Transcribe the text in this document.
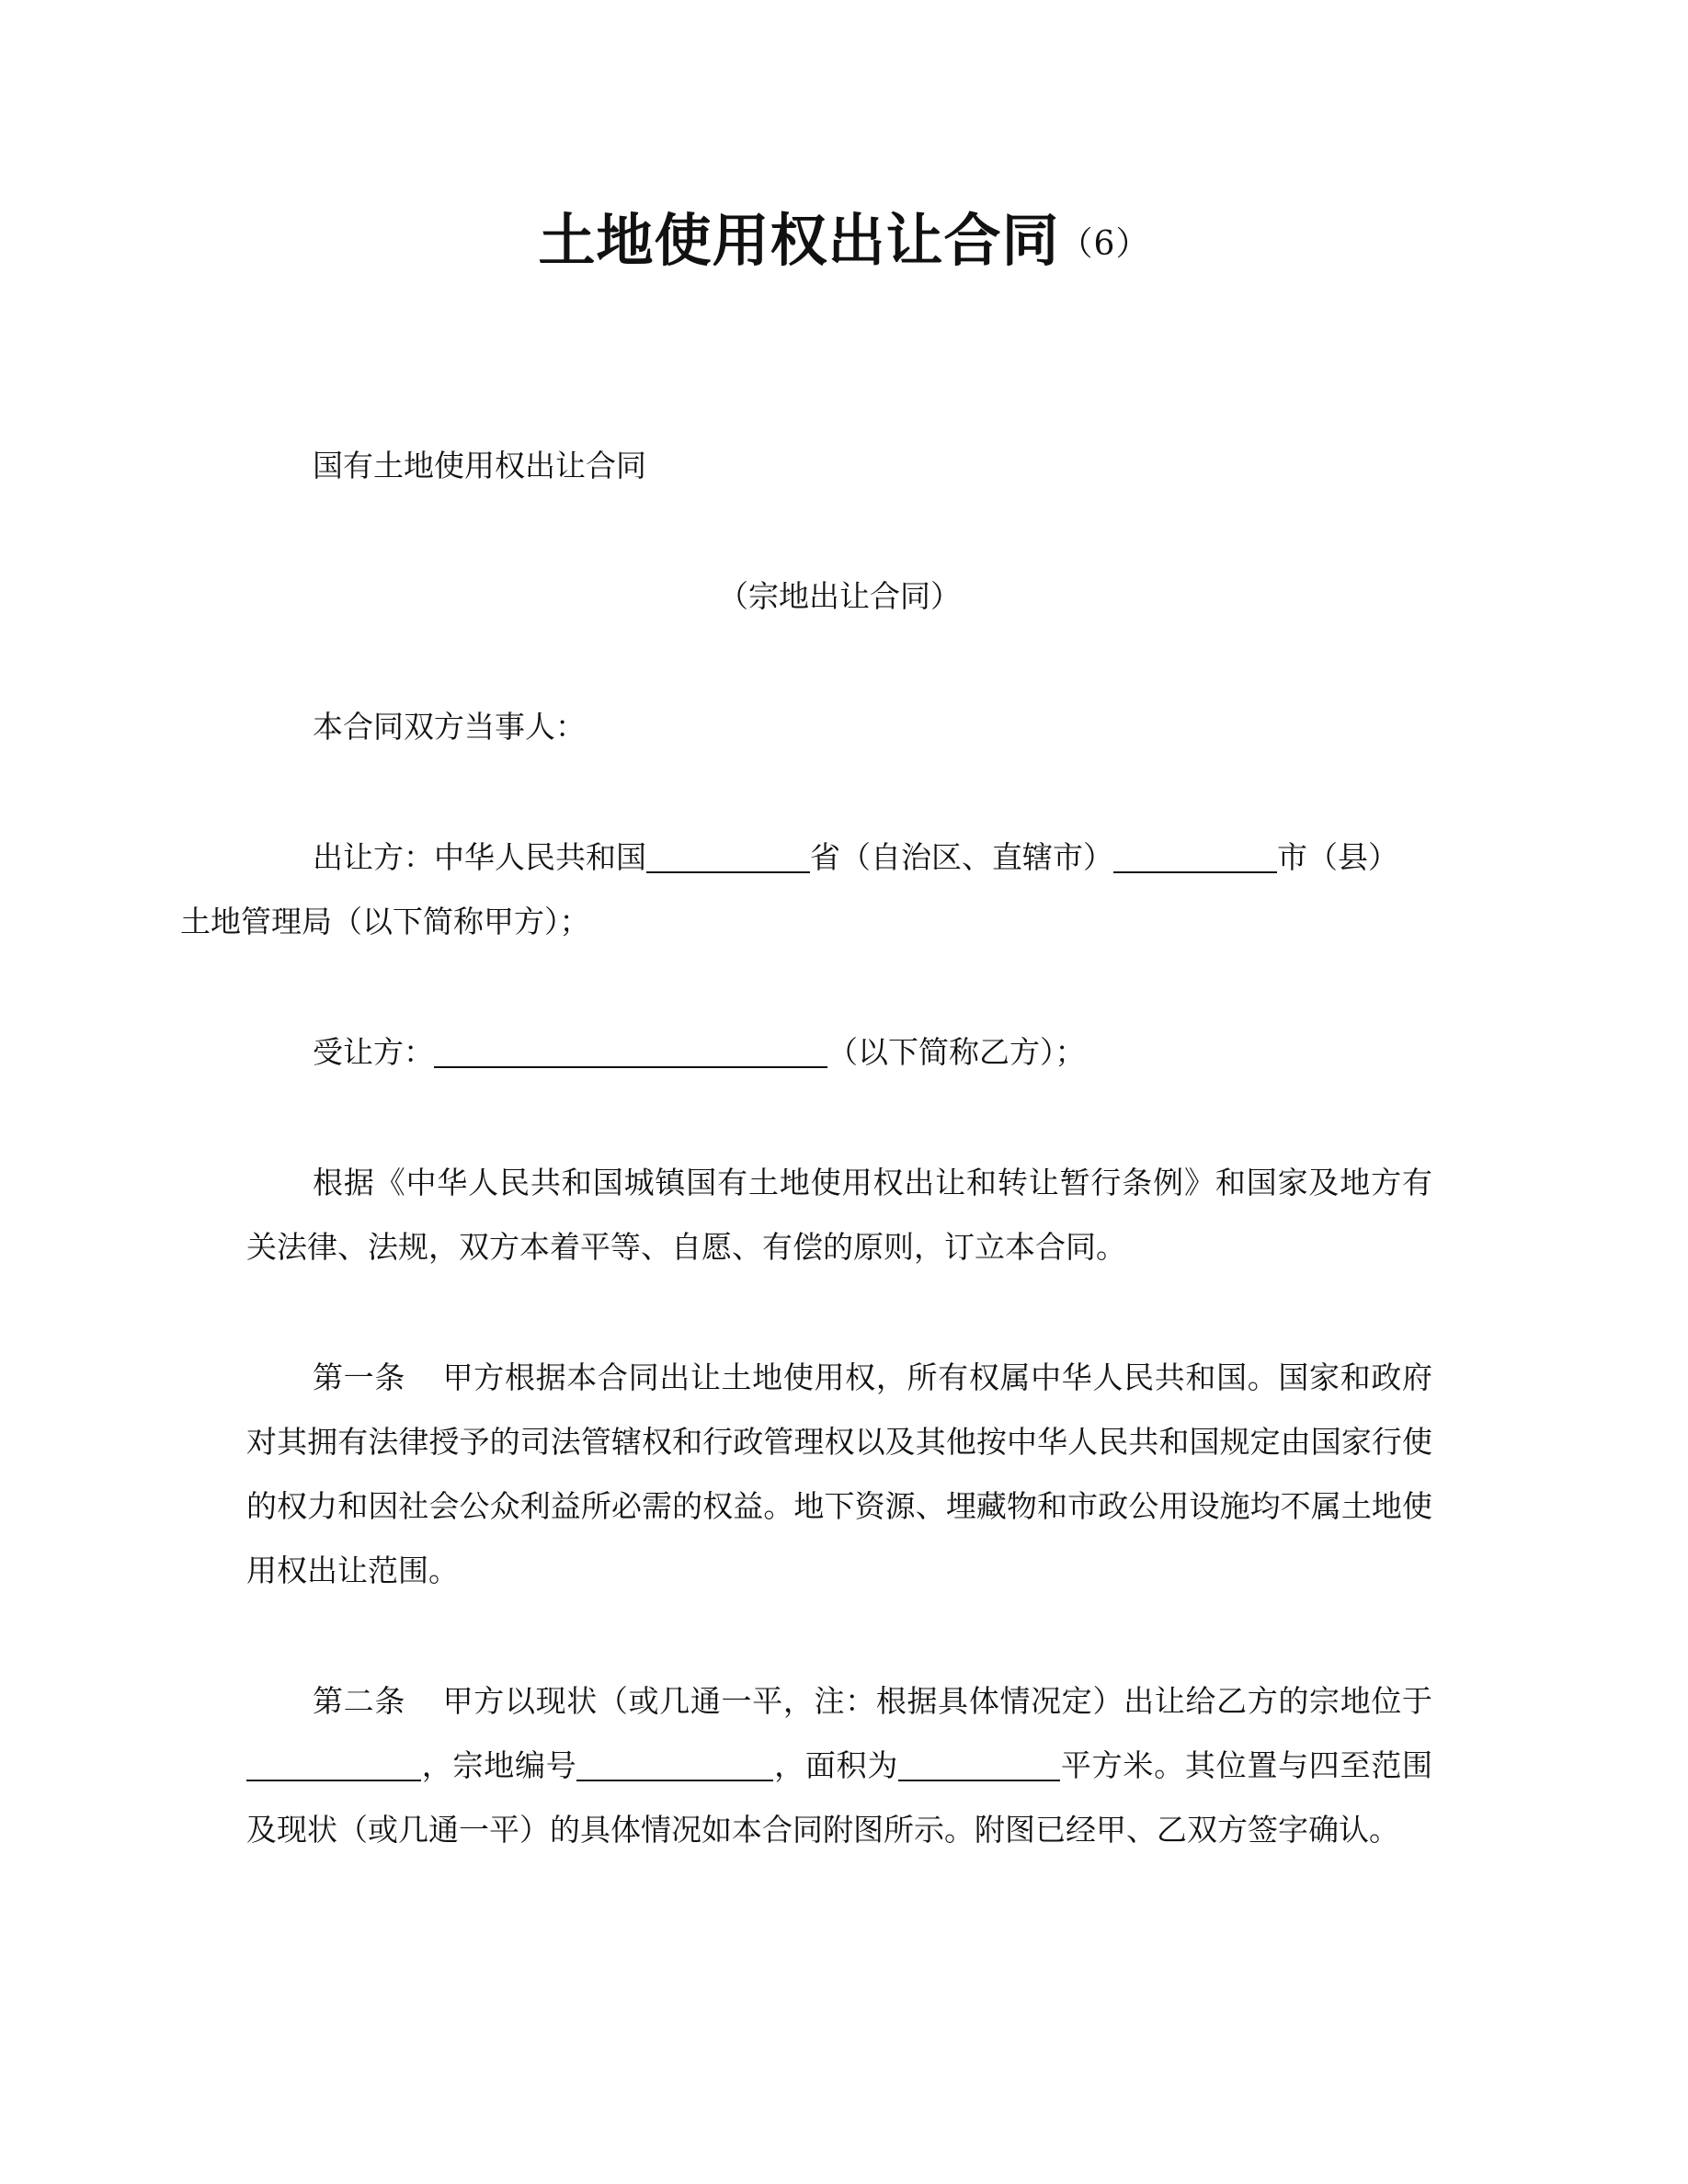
土地使用权出让合同（6）

国有土地使用权出让合同

（宗地出让合同）

本合同双方当事人：

出让方：中华人民共和国	省（自治区、直辖市）	市（县）
土地管理局（以下简称甲方）；

受让方：	（以下简称乙方）；

根据《中华人民共和国城镇国有土地使用权出让和转让暂行条例》和国家及地方有关法律、法规，双方本着平等、自愿、有偿的原则，订立本合同。

第一条 甲方根据本合同出让土地使用权，所有权属中华人民共和国。国家和政府对其拥有法律授予的司法管辖权和行政管理权以及其他按中华人民共和国规定由国家行使的权力和因社会公众利益所必需的权益。地下资源、埋藏物和市政公用设施均不属土地使用权出让范围。

第二条 甲方以现状（或几通一平，注：根据具体情况定）出让给乙方的宗地位于，宗地编号	，面积为	平方米。其位置与四至范围及现状（或几通一平）的具体情况如本合同附图所示。附图已经甲、乙双方签字确认。
